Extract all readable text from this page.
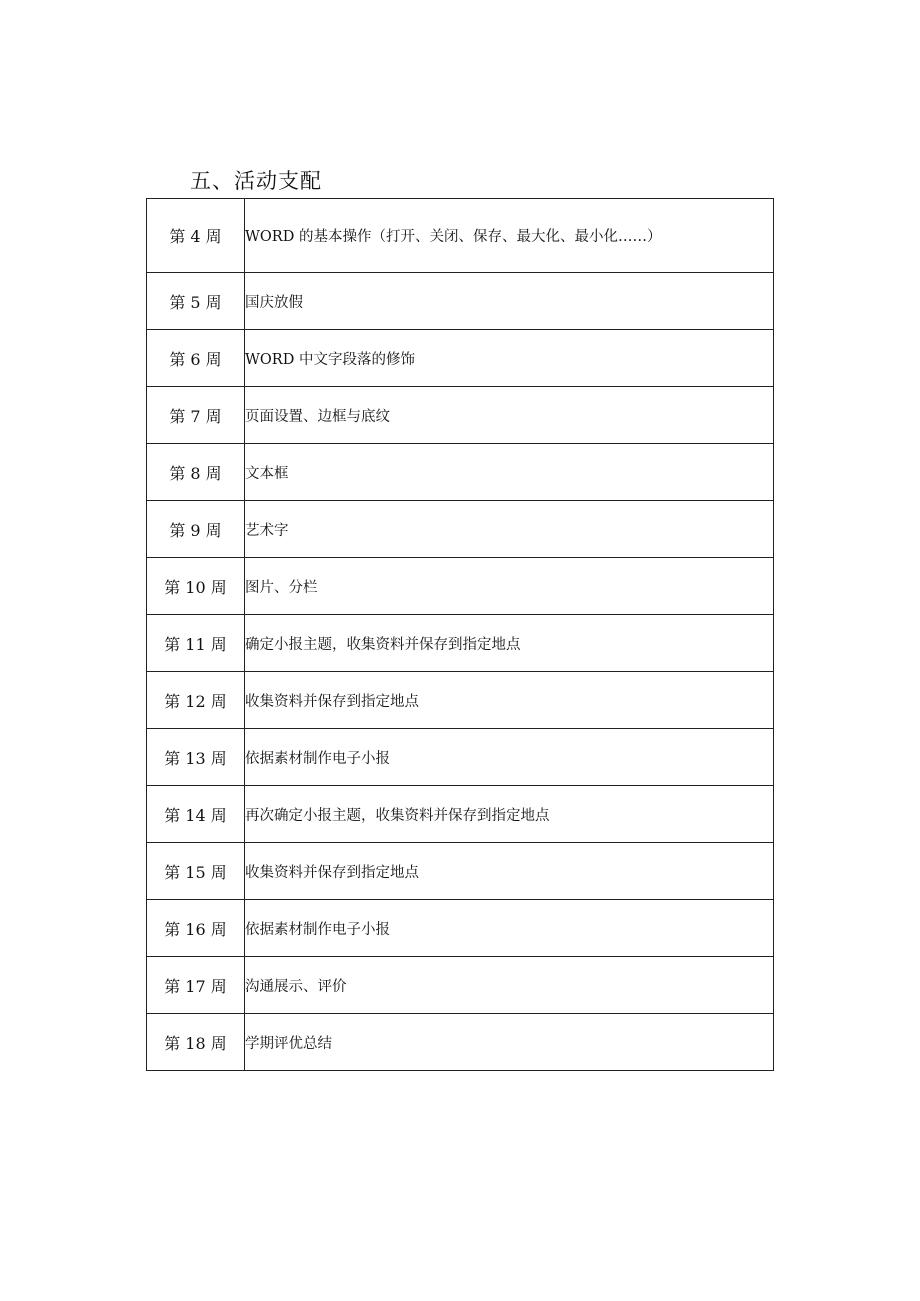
五、活动支配
第 4 周	WORD 的基本操作（打开、关闭、保存、最大化、最小化……）
第 5 周	国庆放假
第 6 周	WORD 中文字段落的修饰
第 7 周	页面设置、边框与底纹
第 8 周	文本框
第 9 周	艺术字
第 10 周	图片、分栏
第 11 周	确定小报主题，收集资料并保存到指定地点
第 12 周	收集资料并保存到指定地点
第 13 周	依据素材制作电子小报
第 14 周	再次确定小报主题，收集资料并保存到指定地点
第 15 周	收集资料并保存到指定地点
第 16 周	依据素材制作电子小报
第 17 周	沟通展示、评价
第 18 周	学期评优总结
